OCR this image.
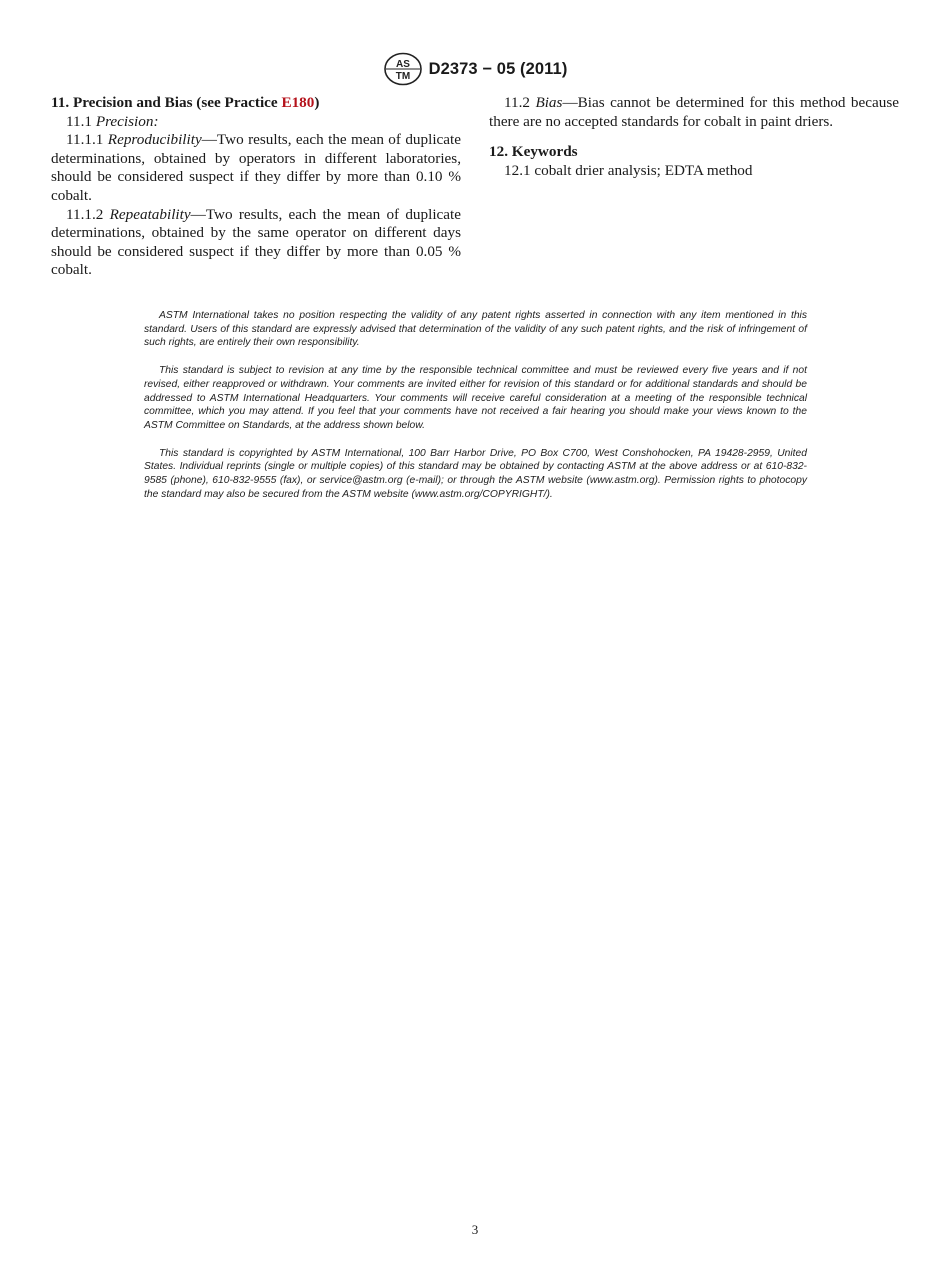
AS
TM D2373 − 05 (2011)

11. Precision and Bias (see Practice E180)

11.1 Precision:

11.1.1 Reproducibility—Two results, each the mean of duplicate determinations, obtained by operators in different laboratories, should be considered suspect if they differ by more than 0.10 % cobalt.

11.1.2 Repeatability—Two results, each the mean of duplicate determinations, obtained by the same operator on different days should be considered suspect if they differ by more than 0.05 % cobalt.

11.2 Bias—Bias cannot be determined for this method because there are no accepted standards for cobalt in paint driers.

12. Keywords

12.1 cobalt drier analysis; EDTA method

ASTM International takes no position respecting the validity of any patent rights asserted in connection with any item mentioned in this standard. Users of this standard are expressly advised that determination of the validity of any such patent rights, and the risk of infringement of such rights, are entirely their own responsibility.

This standard is subject to revision at any time by the responsible technical committee and must be reviewed every five years and if not revised, either reapproved or withdrawn. Your comments are invited either for revision of this standard or for additional standards and should be addressed to ASTM International Headquarters. Your comments will receive careful consideration at a meeting of the responsible technical committee, which you may attend. If you feel that your comments have not received a fair hearing you should make your views known to the ASTM Committee on Standards, at the address shown below.

This standard is copyrighted by ASTM International, 100 Barr Harbor Drive, PO Box C700, West Conshohocken, PA 19428-2959, United States. Individual reprints (single or multiple copies) of this standard may be obtained by contacting ASTM at the above address or at 610-832-9585 (phone), 610-832-9555 (fax), or service@astm.org (e-mail); or through the ASTM website (www.astm.org). Permission rights to photocopy the standard may also be secured from the ASTM website (www.astm.org/COPYRIGHT/).

3
